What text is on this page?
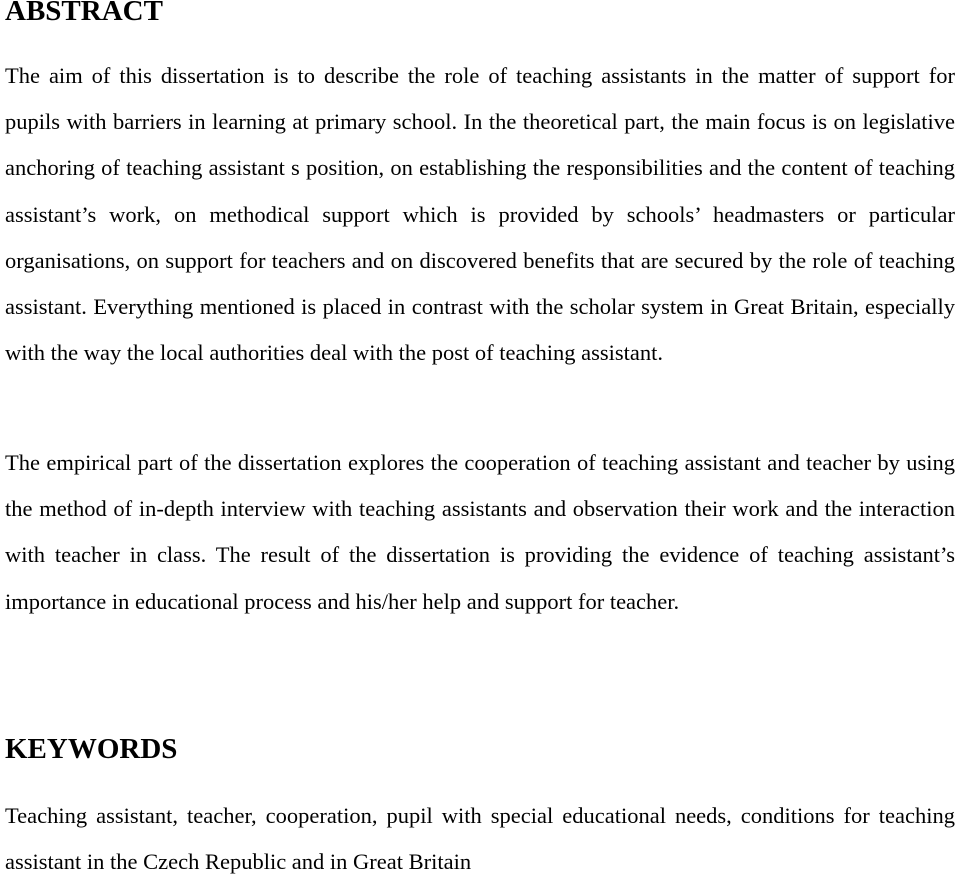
ABSTRACT

The aim of this dissertation is to describe the role of teaching assistants in the matter of support for pupils with barriers in learning at primary school. In the theoretical part, the main focus is on legislative anchoring of teaching assistant s position, on establishing the responsibilities and the content of teaching assistant’s work, on methodical support which is provided by schools’ headmasters or particular organisations, on support for teachers and on discovered benefits that are secured by the role of teaching assistant. Everything mentioned is placed in contrast with the scholar system in Great Britain, especially with the way the local authorities deal with the post of teaching assistant.

The empirical part of the dissertation explores the cooperation of teaching assistant and teacher by using the method of in-depth interview with teaching assistants and observation their work and the interaction with teacher in class. The result of the dissertation is providing the evidence of teaching assistant’s importance in educational process and his/her help and support for teacher.

KEYWORDS

Teaching assistant, teacher, cooperation, pupil with special educational needs, conditions for teaching assistant in the Czech Republic and in Great Britain
